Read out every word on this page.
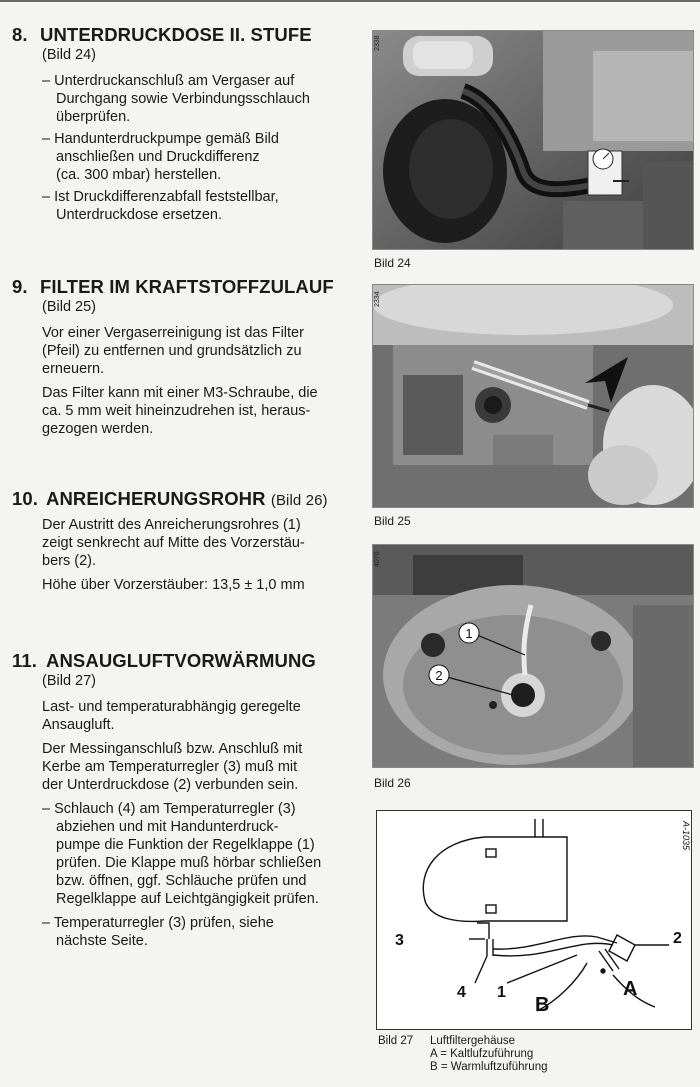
8. UNTERDRUCKDOSE II. STUFE

(Bild 24)

– Unterdruckanschluß am Vergaser auf
Durchgang sowie Verbindungsschlauch
überprüfen.
– Handunterdruckpumpe gemäß Bild
anschließen und Druckdifferenz
(ca. 300 mbar) herstellen.
– Ist Druckdifferenzabfall feststellbar,
Unterdruckdose ersetzen.
9. FILTER IM KRAFTSTOFFZULAUF

(Bild 25)

Vor einer Vergaserreinigung ist das Filter
(Pfeil) zu entfernen und grundsätzlich zu
erneuern.
Das Filter kann mit einer M3-Schraube, die
ca. 5 mm weit hineinzudrehen ist, heraus-
gezogen werden.
10. ANREICHERUNGSROHR (Bild 26)
Der Austritt des Anreicherungsrohres (1)
zeigt senkrecht auf Mitte des Vorzerstäu-
bers (2).
Höhe über Vorzerstäuber: 13,5 ± 1,0 mm
11. ANSAUGLUFTVORWÄRMUNG

(Bild 27)

Last- und temperaturabhängig geregelte
Ansaugluft.
Der Messinganschluß bzw. Anschluß mit
Kerbe am Temperaturregler (3) muß mit
der Unterdruckdose (2) verbunden sein.
– Schlauch (4) am Temperaturregler (3)
abziehen und mit Handunterdruck-
pumpe die Funktion der Regelklappe (1)
prüfen. Die Klappe muß hörbar schließen
bzw. öffnen, ggf. Schläuche prüfen und
Regelklappe auf Leichtgängigkeit prüfen.
– Temperaturregler (3) prüfen, siehe
nächste Seite.
2338
Bild 24
2334
Bild 25
1
2
4070
Bild 26
3
4 1
2
B
A
A-1035
Bild 27 Luftfiltergehäuse
A = Kaltlufzuführung
B = Warmluftzuführung
